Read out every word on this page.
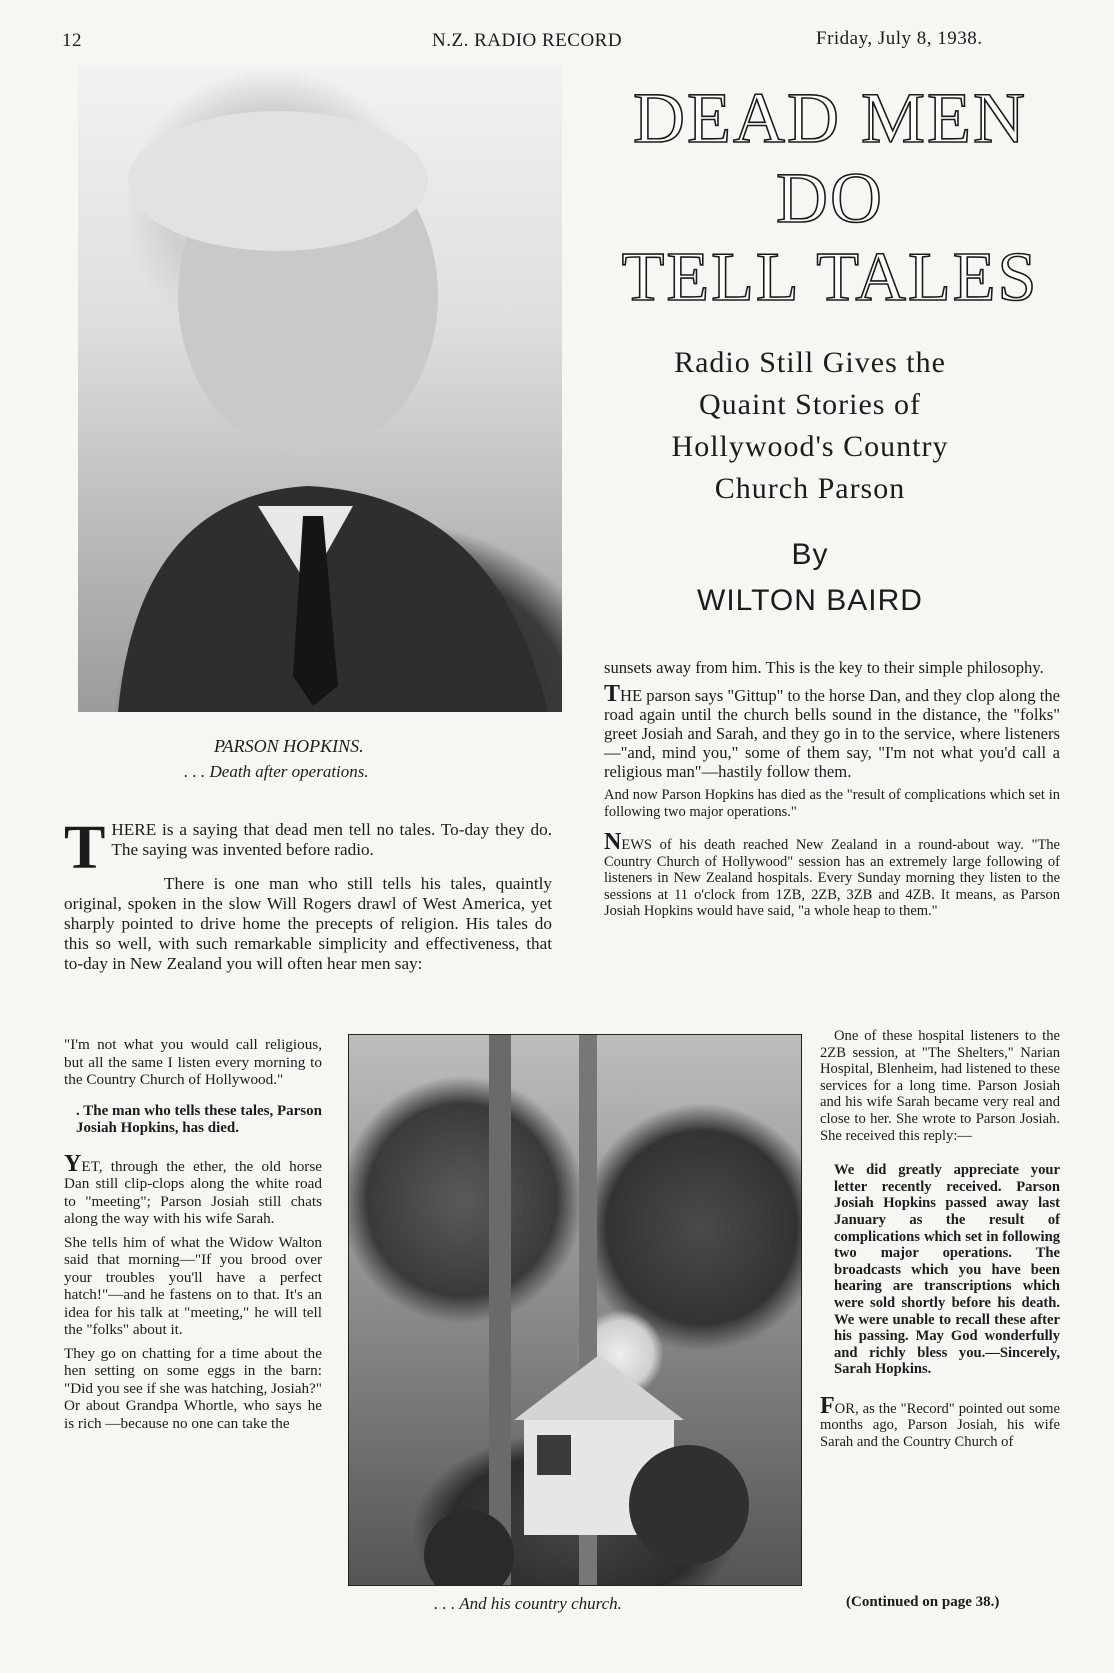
12	N.Z. RADIO RECORD	Friday, July 8, 1938.
PARSON HOPKINS.
. . . Death after operations.
DEAD MEN
DO
TELL TALES
Radio Still Gives the
Quaint Stories of
Hollywood's Country
Church Parson
By
WILTON BAIRD

sunsets away from him. This is the key to their simple philosophy.

THE parson says "Gittup" to the horse Dan, and they clop along the road again until the church bells sound in the distance, the "folks" greet Josiah and Sarah, and they go in to the service, where listeners—"and, mind you," some of them say, "I'm not what you'd call a religious man"—hastily follow them.

And now Parson Hopkins has died as the "result of complications which set in following two major operations."

NEWS of his death reached New Zealand in a round-about way. "The Country Church of Hollywood" session has an extremely large following of listeners in New Zealand hospitals. Every Sunday morning they listen to the sessions at 11 o'clock from 1ZB, 2ZB, 3ZB and 4ZB. It means, as Parson Josiah Hopkins would have said, "a whole heap to them."

THERE is a saying that dead men tell no tales. To-day they do. The saying was invented before radio.

There is one man who still tells his tales, quaintly original, spoken in the slow Will Rogers drawl of West America, yet sharply pointed to drive home the precepts of religion. His tales do this so well, with such remarkable simplicity and effectiveness, that to-day in New Zealand you will often hear men say:

"I'm not what you would call religious, but all the same I listen every morning to the Country Church of Hollywood."

. The man who tells these tales, Parson Josiah Hopkins, has died.

YET, through the ether, the old horse Dan still clip-clops along the white road to "meeting"; Parson Josiah still chats along the way with his wife Sarah.

She tells him of what the Widow Walton said that morning—"If you brood over your troubles you'll have a perfect hatch!"—and he fastens on to that. It's an idea for his talk at "meeting," he will tell the "folks" about it.

They go on chatting for a time about the hen setting on some eggs in the barn: "Did you see if she was hatching, Josiah?" Or about Grandpa Whortle, who says he is rich —because no one can take the

. . . And his country church.

One of these hospital listeners to the 2ZB session, at "The Shelters," Narian Hospital, Blenheim, had listened to these services for a long time. Parson Josiah and his wife Sarah became very real and close to her. She wrote to Parson Josiah. She received this reply:—

We did greatly appreciate your letter recently received. Parson Josiah Hopkins passed away last January as the result of complications which set in following two major operations. The broadcasts which you have been hearing are transcriptions which were sold shortly before his death. We were unable to recall these after his passing. May God wonderfully and richly bless you.—Sincerely, Sarah Hopkins.

FOR, as the "Record" pointed out some months ago, Parson Josiah, his wife Sarah and the Country Church of

(Continued on page 38.)
